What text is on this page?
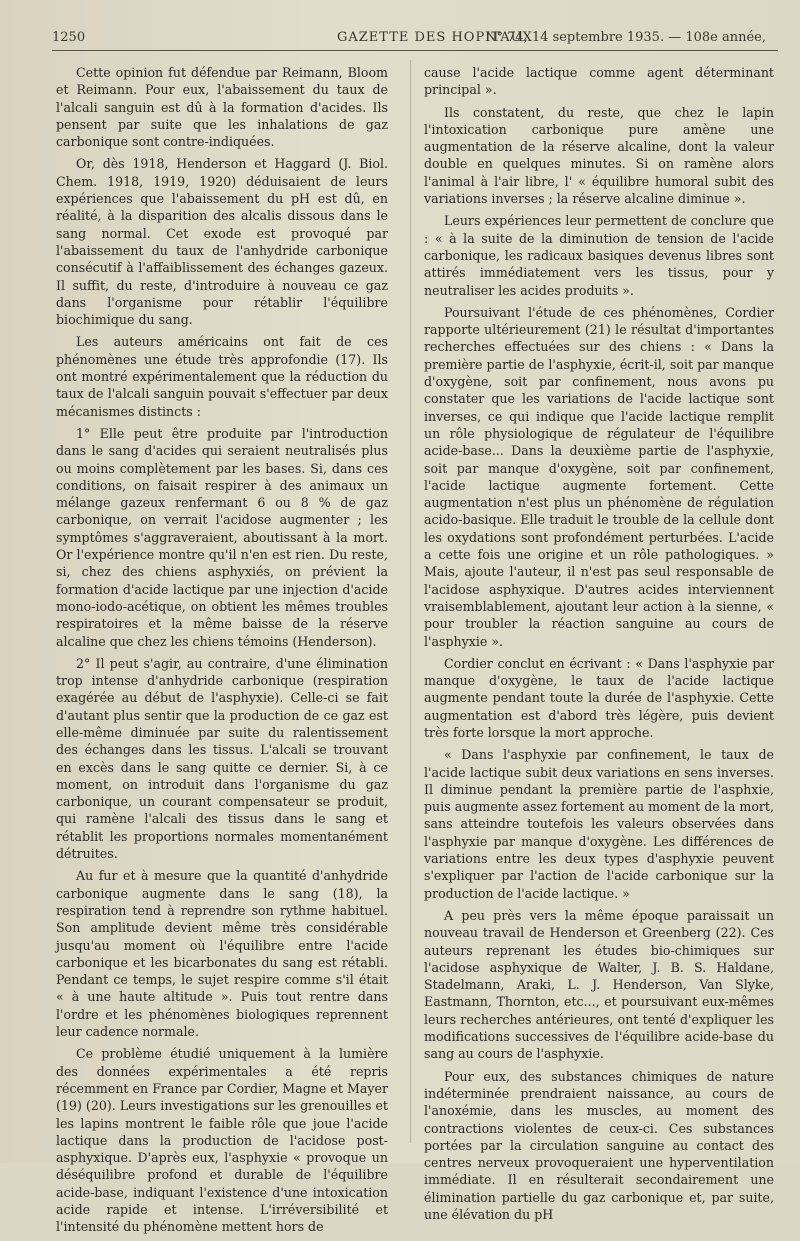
1250	GAZETTE DES HOPITAUX
N° 74, 14 septembre 1935. — 108e année,

Cette opinion fut défendue par Reimann, Bloom et Reimann. Pour eux, l'abaissement du taux de l'alcali sanguin est dû à la formation d'acides. Ils pensent par suite que les inhalations de gaz carbonique sont contre-indiquées.

Or, dès 1918, Henderson et Haggard (J. Biol. Chem. 1918, 1919, 1920) déduisaient de leurs expériences que l'abaissement du pH est dû, en réalité, à la disparition des alcalis dissous dans le sang normal. Cet exode est provoqué par l'abaissement du taux de l'anhydride carbonique consécutif à l'affaiblissement des échanges gazeux. Il suffit, du reste, d'introduire à nouveau ce gaz dans l'organisme pour rétablir l'équilibre biochimique du sang.

Les auteurs américains ont fait de ces phénomènes une étude très approfondie (17). Ils ont montré expérimentalement que la réduction du taux de l'alcali sanguin pouvait s'effectuer par deux mécanismes distincts :

1° Elle peut être produite par l'introduction dans le sang d'acides qui seraient neutralisés plus ou moins complètement par les bases. Si, dans ces conditions, on faisait respirer à des animaux un mélange gazeux renfermant 6 ou 8 % de gaz carbonique, on verrait l'acidose augmenter ; les symptômes s'aggraveraient, aboutissant à la mort. Or l'expérience montre qu'il n'en est rien. Du reste, si, chez des chiens asphyxiés, on prévient la formation d'acide lactique par une injection d'acide mono-iodo-acétique, on obtient les mêmes troubles respiratoires et la même baisse de la réserve alcaline que chez les chiens témoins (Henderson).

2° Il peut s'agir, au contraire, d'une élimination trop intense d'anhydride carbonique (respiration exagérée au début de l'asphyxie). Celle-ci se fait d'autant plus sentir que la production de ce gaz est elle-même diminuée par suite du ralentissement des échanges dans les tissus. L'alcali se trouvant en excès dans le sang quitte ce dernier. Si, à ce moment, on introduit dans l'organisme du gaz carbonique, un courant compensateur se produit, qui ramène l'alcali des tissus dans le sang et rétablit les proportions normales momentanément détruites.

Au fur et à mesure que la quantité d'anhydride carbonique augmente dans le sang (18), la respiration tend à reprendre son rythme habituel. Son amplitude devient même très considérable jusqu'au moment où l'équilibre entre l'acide carbonique et les bicarbonates du sang est rétabli. Pendant ce temps, le sujet respire comme s'il était « à une haute altitude ». Puis tout rentre dans l'ordre et les phénomènes biologiques reprennent leur cadence normale.

Ce problème étudié uniquement à la lumière des données expérimentales a été repris récemment en France par Cordier, Magne et Mayer (19) (20). Leurs investigations sur les grenouilles et les lapins montrent le faible rôle que joue l'acide lactique dans la production de l'acidose post-asphyxique. D'après eux, l'asphyxie « provoque un déséquilibre profond et durable de l'équilibre acide-base, indiquant l'existence d'une intoxication acide rapide et intense. L'irréversibilité et l'intensité du phénomène mettent hors de

cause l'acide lactique comme agent déterminant principal ».

Ils constatent, du reste, que chez le lapin l'intoxication carbonique pure amène une augmentation de la réserve alcaline, dont la valeur double en quelques minutes. Si on ramène alors l'animal à l'air libre, l' « équilibre humoral subit des variations inverses ; la réserve alcaline diminue ».

Leurs expériences leur permettent de conclure que : « à la suite de la diminution de tension de l'acide carbonique, les radicaux basiques devenus libres sont attirés immédiatement vers les tissus, pour y neutraliser les acides produits ».

Poursuivant l'étude de ces phénomènes, Cordier rapporte ultérieurement (21) le résultat d'importantes recherches effectuées sur des chiens : « Dans la première partie de l'asphyxie, écrit-il, soit par manque d'oxygène, soit par confinement, nous avons pu constater que les variations de l'acide lactique sont inverses, ce qui indique que l'acide lactique remplit un rôle physiologique de régulateur de l'équilibre acide-base... Dans la deuxième partie de l'asphyxie, soit par manque d'oxygène, soit par confinement, l'acide lactique augmente fortement. Cette augmentation n'est plus un phénomène de régulation acido-basique. Elle traduit le trouble de la cellule dont les oxydations sont profondément perturbées. L'acide a cette fois une origine et un rôle pathologiques. » Mais, ajoute l'auteur, il n'est pas seul responsable de l'acidose asphyxique. D'autres acides interviennent vraisemblablement, ajoutant leur action à la sienne, « pour troubler la réaction sanguine au cours de l'asphyxie ».

Cordier conclut en écrivant : « Dans l'asphyxie par manque d'oxygène, le taux de l'acide lactique augmente pendant toute la durée de l'asphyxie. Cette augmentation est d'abord très légère, puis devient très forte lorsque la mort approche.

« Dans l'asphyxie par confinement, le taux de l'acide lactique subit deux variations en sens inverses. Il diminue pendant la première partie de l'asphxie, puis augmente assez fortement au moment de la mort, sans atteindre toutefois les valeurs observées dans l'asphyxie par manque d'oxygène. Les différences de variations entre les deux types d'asphyxie peuvent s'expliquer par l'action de l'acide carbonique sur la production de l'acide lactique. »

A peu près vers la même époque paraissait un nouveau travail de Henderson et Greenberg (22). Ces auteurs reprenant les études bio-chimiques sur l'acidose asphyxique de Walter, J. B. S. Haldane, Stadelmann, Araki, L. J. Henderson, Van Slyke, Eastmann, Thornton, etc..., et poursuivant eux-mêmes leurs recherches antérieures, ont tenté d'expliquer les modifications successives de l'équilibre acide-base du sang au cours de l'asphyxie.

Pour eux, des substances chimiques de nature indéterminée prendraient naissance, au cours de l'anoxémie, dans les muscles, au moment des contractions violentes de ceux-ci. Ces substances portées par la circulation sanguine au contact des centres nerveux provoqueraient une hyperventilation immédiate. Il en résulterait secondairement une élimination partielle du gaz carbonique et, par suite, une élévation du pH
